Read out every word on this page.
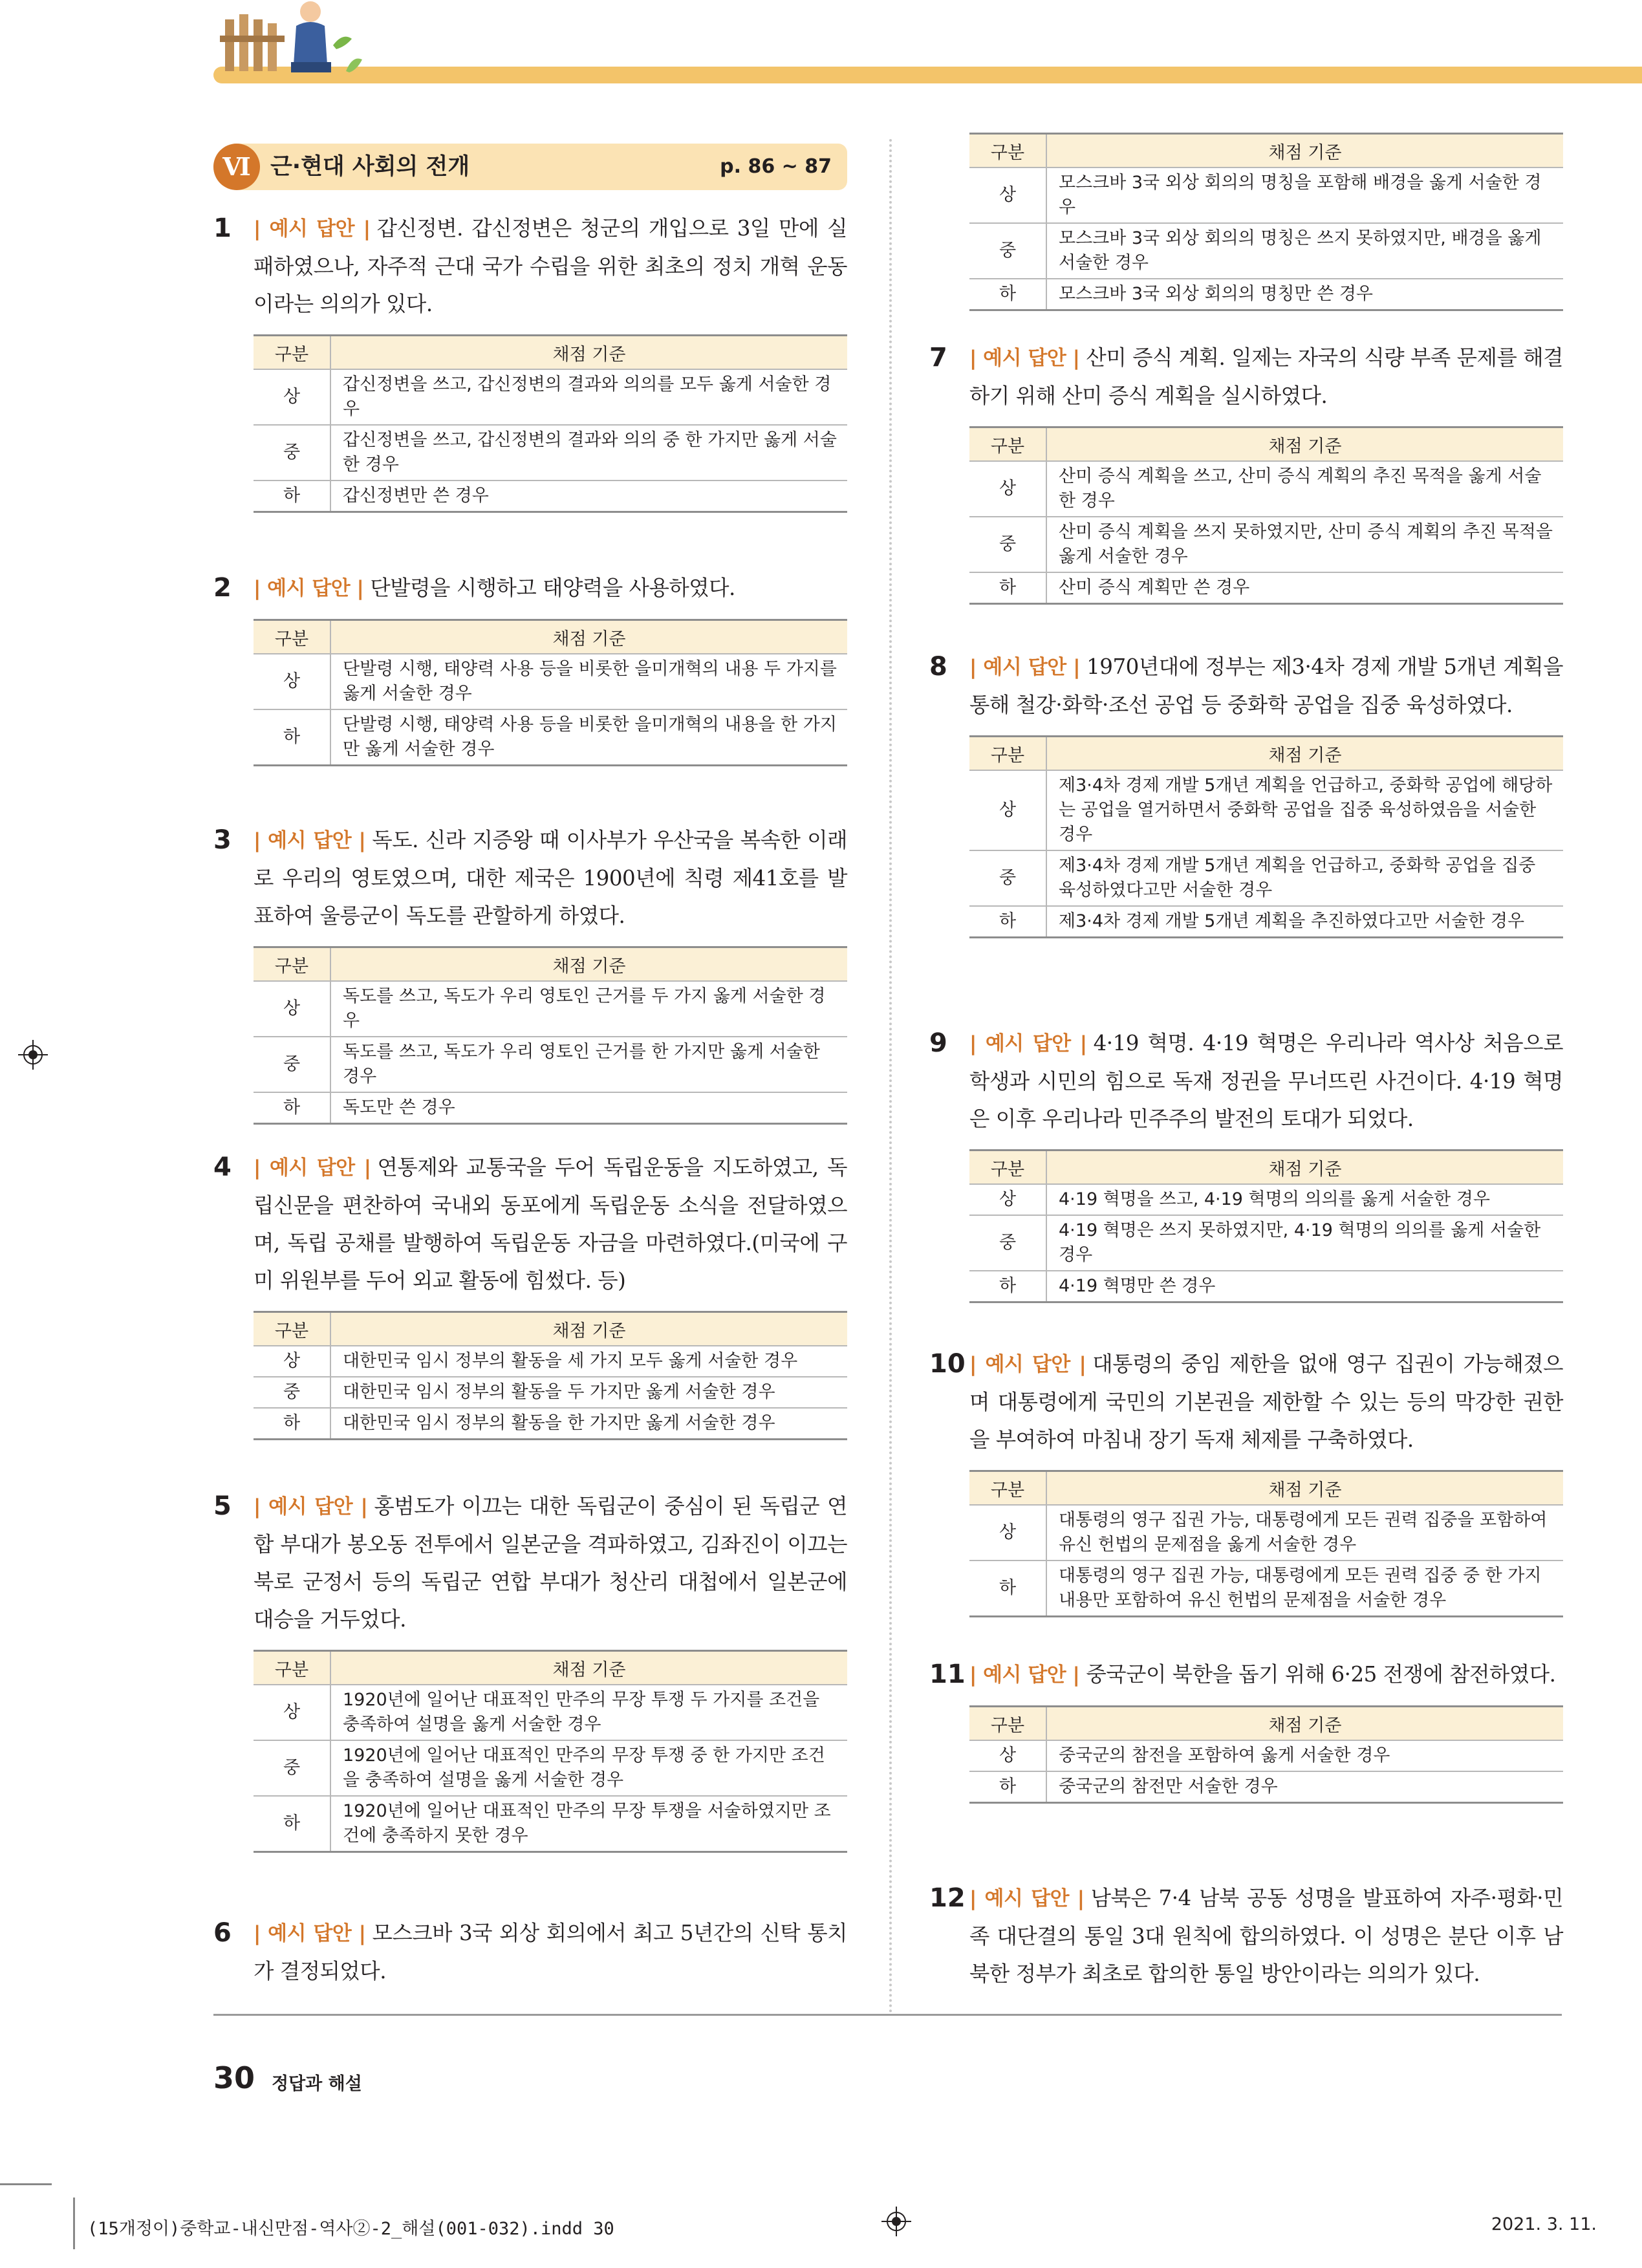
Ⅵ 근·현대 사회의 전개	p. 86 ~ 87
1 | 예시 답안 | 갑신정변. 갑신정변은 청군의 개입으로 3일 만에 실패하였으나, 자주적 근대 국가 수립을 위한 최초의 정치 개혁 운동이라는 의의가 있다.
구분	채점 기준
상	갑신정변을 쓰고, 갑신정변의 결과와 의의를 모두 옳게 서술한 경우
중	갑신정변을 쓰고, 갑신정변의 결과와 의의 중 한 가지만 옳게 서술한 경우
하	갑신정변만 쓴 경우
2 | 예시 답안 | 단발령을 시행하고 태양력을 사용하였다.
구분	채점 기준
상	단발령 시행, 태양력 사용 등을 비롯한 을미개혁의 내용 두 가지를 옳게 서술한 경우
하	단발령 시행, 태양력 사용 등을 비롯한 을미개혁의 내용을 한 가지만 옳게 서술한 경우
3 | 예시 답안 | 독도. 신라 지증왕 때 이사부가 우산국을 복속한 이래로 우리의 영토였으며, 대한 제국은 1900년에 칙령 제41호를 발표하여 울릉군이 독도를 관할하게 하였다.
구분	채점 기준
상	독도를 쓰고, 독도가 우리 영토인 근거를 두 가지 옳게 서술한 경우
중	독도를 쓰고, 독도가 우리 영토인 근거를 한 가지만 옳게 서술한 경우
하	독도만 쓴 경우
4 | 예시 답안 | 연통제와 교통국을 두어 독립운동을 지도하였고, 독립신문을 편찬하여 국내외 동포에게 독립운동 소식을 전달하였으며, 독립 공채를 발행하여 독립운동 자금을 마련하였다.(미국에 구미 위원부를 두어 외교 활동에 힘썼다. 등)
구분	채점 기준
상	대한민국 임시 정부의 활동을 세 가지 모두 옳게 서술한 경우
중	대한민국 임시 정부의 활동을 두 가지만 옳게 서술한 경우
하	대한민국 임시 정부의 활동을 한 가지만 옳게 서술한 경우
5 | 예시 답안 | 홍범도가 이끄는 대한 독립군이 중심이 된 독립군 연합 부대가 봉오동 전투에서 일본군을 격파하였고, 김좌진이 이끄는 북로 군정서 등의 독립군 연합 부대가 청산리 대첩에서 일본군에 대승을 거두었다.
구분	채점 기준
상	1920년에 일어난 대표적인 만주의 무장 투쟁 두 가지를 조건을 충족하여 설명을 옳게 서술한 경우
중	1920년에 일어난 대표적인 만주의 무장 투쟁 중 한 가지만 조건을 충족하여 설명을 옳게 서술한 경우
하	1920년에 일어난 대표적인 만주의 무장 투쟁을 서술하였지만 조건에 충족하지 못한 경우
6 | 예시 답안 | 모스크바 3국 외상 회의에서 최고 5년간의 신탁 통치가 결정되었다.
구분	채점 기준
상	모스크바 3국 외상 회의의 명칭을 포함해 배경을 옳게 서술한 경우
중	모스크바 3국 외상 회의의 명칭은 쓰지 못하였지만, 배경을 옳게 서술한 경우
하	모스크바 3국 외상 회의의 명칭만 쓴 경우
7 | 예시 답안 | 산미 증식 계획. 일제는 자국의 식량 부족 문제를 해결하기 위해 산미 증식 계획을 실시하였다.
구분	채점 기준
상	산미 증식 계획을 쓰고, 산미 증식 계획의 추진 목적을 옳게 서술한 경우
중	산미 증식 계획을 쓰지 못하였지만, 산미 증식 계획의 추진 목적을 옳게 서술한 경우
하	산미 증식 계획만 쓴 경우
8 | 예시 답안 | 1970년대에 정부는 제3·4차 경제 개발 5개년 계획을 통해 철강·화학·조선 공업 등 중화학 공업을 집중 육성하였다.
구분	채점 기준
상	제3·4차 경제 개발 5개년 계획을 언급하고, 중화학 공업에 해당하는 공업을 열거하면서 중화학 공업을 집중 육성하였음을 서술한 경우
중	제3·4차 경제 개발 5개년 계획을 언급하고, 중화학 공업을 집중 육성하였다고만 서술한 경우
하	제3·4차 경제 개발 5개년 계획을 추진하였다고만 서술한 경우
9 | 예시 답안 | 4·19 혁명. 4·19 혁명은 우리나라 역사상 처음으로 학생과 시민의 힘으로 독재 정권을 무너뜨린 사건이다. 4·19 혁명은 이후 우리나라 민주주의 발전의 토대가 되었다.
구분	채점 기준
상	4·19 혁명을 쓰고, 4·19 혁명의 의의를 옳게 서술한 경우
중	4·19 혁명은 쓰지 못하였지만, 4·19 혁명의 의의를 옳게 서술한 경우
하	4·19 혁명만 쓴 경우
10 | 예시 답안 | 대통령의 중임 제한을 없애 영구 집권이 가능해졌으며 대통령에게 국민의 기본권을 제한할 수 있는 등의 막강한 권한을 부여하여 마침내 장기 독재 체제를 구축하였다.
구분	채점 기준
상	대통령의 영구 집권 가능, 대통령에게 모든 권력 집중을 포함하여 유신 헌법의 문제점을 옳게 서술한 경우
하	대통령의 영구 집권 가능, 대통령에게 모든 권력 집중 중 한 가지 내용만 포함하여 유신 헌법의 문제점을 서술한 경우
11 | 예시 답안 | 중국군이 북한을 돕기 위해 6·25 전쟁에 참전하였다.
구분	채점 기준
상	중국군의 참전을 포함하여 옳게 서술한 경우
하	중국군의 참전만 서술한 경우
12 | 예시 답안 | 남북은 7·4 남북 공동 성명을 발표하여 자주·평화·민족 대단결의 통일 3대 원칙에 합의하였다. 이 성명은 분단 이후 남북한 정부가 최초로 합의한 통일 방안이라는 의의가 있다.
30 정답과 해설
(15개정이)중학교-내신만점-역사②-2_해설(001-032).indd 30	2021. 3. 11.
